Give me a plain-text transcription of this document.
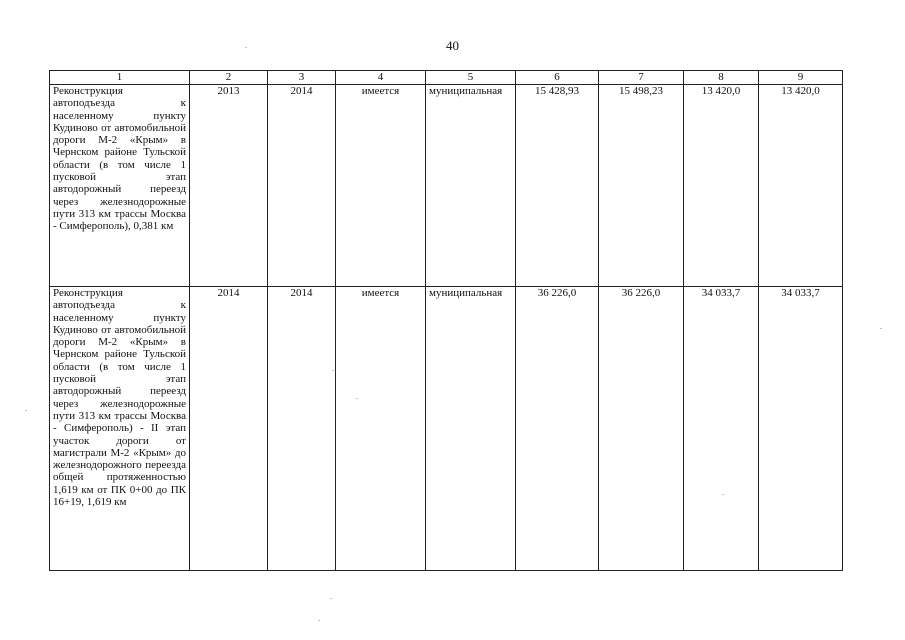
40
1	2	3	4	5	6	7	8	9
Реконструкция автоподъезда к населенному пункту Кудиново от автомобильной дороги М-2 «Крым» в Чернском районе Тульской области (в том числе 1 пусковой этап автодорожный переезд через железнодорожные пути 313 км трассы Москва - Симферополь), 0,381 км	2013	2014	имеется	муниципальная	15 428,93	15 498,23	13 420,0	13 420,0
Реконструкция автоподъезда к населенному пункту Кудиново от автомобильной дороги М-2 «Крым» в Чернском районе Тульской области (в том числе 1 пусковой этап автодорожный переезд через железнодорожные пути 313 км трассы Москва - Симферополь) - II этап участок дороги от магистрали М-2 «Крым» до железнодорожного переезда общей протяженностью 1,619 км от ПК 0+00 до ПК 16+19, 1,619 км	2014	2014	имеется	муниципальная	36 226,0	36 226,0	34 033,7	34 033,7
